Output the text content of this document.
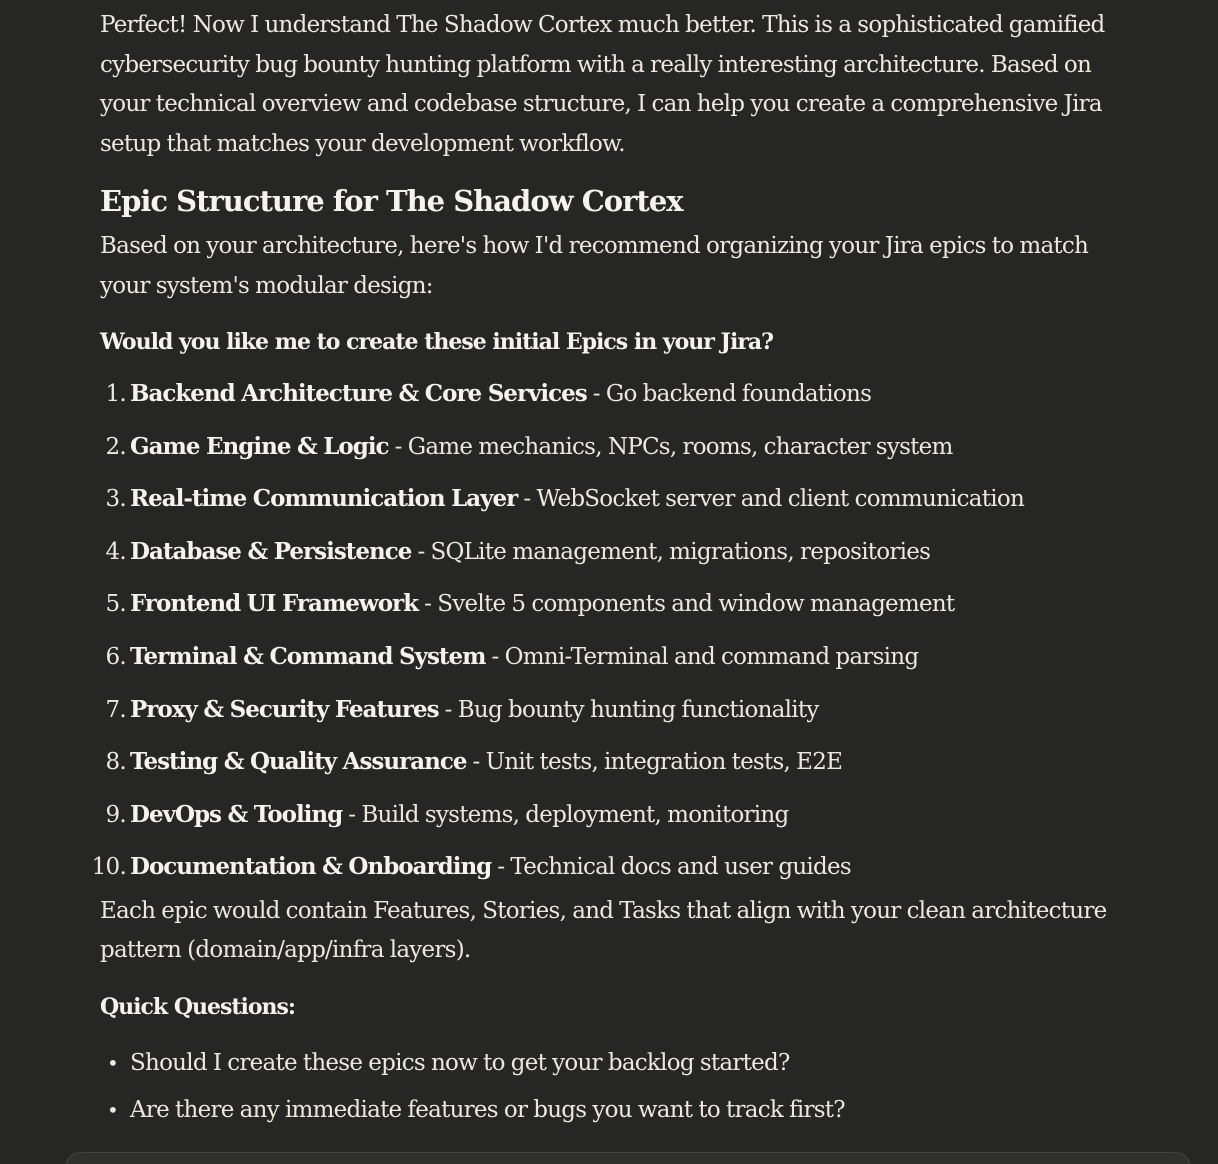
Perfect! Now I understand The Shadow Cortex much better. This is a sophisticated gamified cybersecurity bug bounty hunting platform with a really interesting architecture. Based on your technical overview and codebase structure, I can help you create a comprehensive Jira setup that matches your development workflow.

Epic Structure for The Shadow Cortex

Based on your architecture, here's how I'd recommend organizing your Jira epics to match your system's modular design:

Would you like me to create these initial Epics in your Jira?

1. Backend Architecture & Core Services - Go backend foundations
2. Game Engine & Logic - Game mechanics, NPCs, rooms, character system
3. Real-time Communication Layer - WebSocket server and client communication
4. Database & Persistence - SQLite management, migrations, repositories
5. Frontend UI Framework - Svelte 5 components and window management
6. Terminal & Command System - Omni-Terminal and command parsing
7. Proxy & Security Features - Bug bounty hunting functionality
8. Testing & Quality Assurance - Unit tests, integration tests, E2E
9. DevOps & Tooling - Build systems, deployment, monitoring
10. Documentation & Onboarding - Technical docs and user guides

Each epic would contain Features, Stories, and Tasks that align with your clean architecture pattern (domain/app/infra layers).

Quick Questions:

• Should I create these epics now to get your backlog started?
• Are there any immediate features or bugs you want to track first?
